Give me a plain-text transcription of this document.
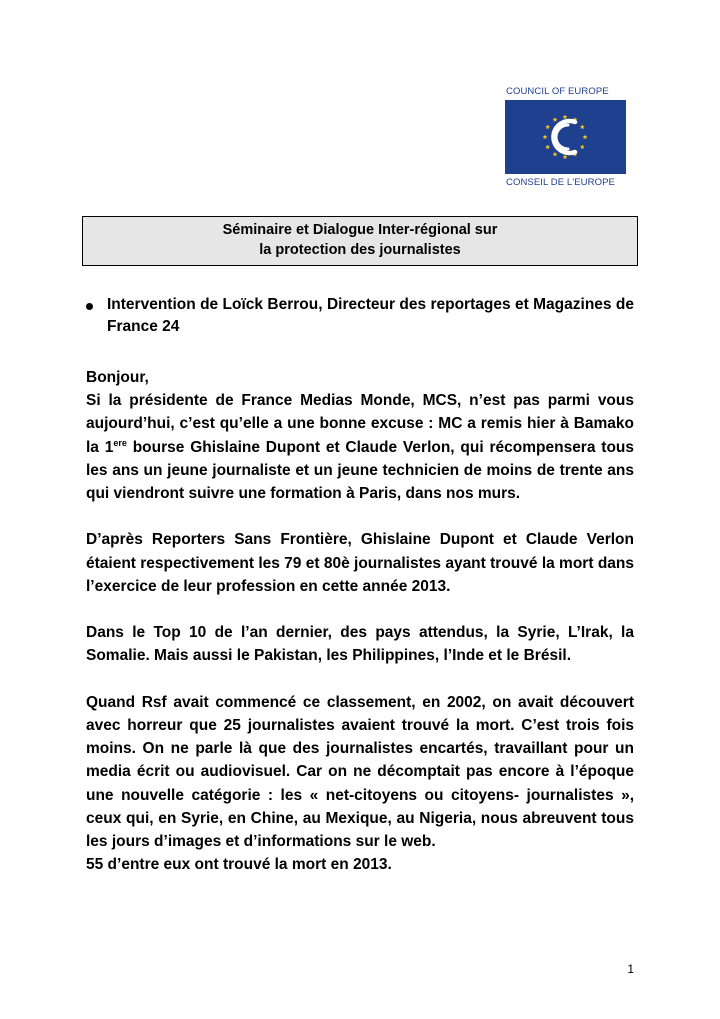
COUNCIL OF EUROPE
CONSEIL DE L'EUROPE
Séminaire et Dialogue Inter-régional sur
la protection des journalistes
Intervention de Loïck Berrou, Directeur des reportages et Magazines de France 24

Bonjour,

Si la présidente de France Medias Monde, MCS, n’est pas parmi vous aujourd’hui, c’est qu’elle a une bonne excuse : MC a remis hier à Bamako la 1ere bourse Ghislaine Dupont et Claude Verlon, qui récompensera tous les ans un jeune journaliste et un jeune technicien de moins de trente ans qui viendront suivre une formation à Paris, dans nos murs.

D’après Reporters Sans Frontière, Ghislaine Dupont et Claude Verlon étaient respectivement les 79 et 80è journalistes ayant trouvé la mort dans l’exercice de leur profession en cette année 2013.

Dans le Top 10 de l’an dernier, des pays attendus, la Syrie, L’Irak, la Somalie. Mais aussi le Pakistan, les Philippines, l’Inde et le Brésil.

Quand Rsf avait commencé ce classement, en 2002, on avait découvert avec horreur que 25 journalistes avaient trouvé la mort. C’est trois fois moins. On ne parle là que des journalistes encartés, travaillant pour un media écrit ou audiovisuel. Car on ne décomptait pas encore à l’époque une nouvelle catégorie : les « net-citoyens ou citoyens- journalistes », ceux qui, en Syrie, en Chine, au Mexique, au Nigeria, nous abreuvent tous les jours d’images et d’informations sur le web.

55 d’entre eux ont trouvé la mort en 2013.

1
